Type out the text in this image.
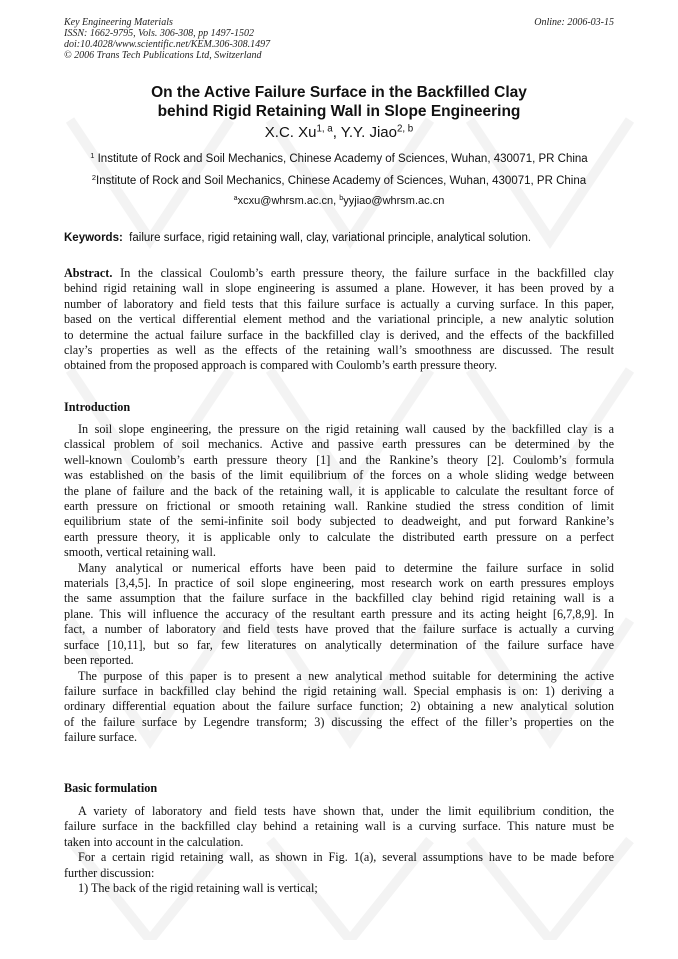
Key Engineering Materials
ISSN: 1662-9795, Vols. 306-308, pp 1497-1502
doi:10.4028/www.scientific.net/KEM.306-308.1497
© 2006 Trans Tech Publications Ltd, Switzerland
Online: 2006-03-15
On the Active Failure Surface in the Backfilled Clay
behind Rigid Retaining Wall in Slope Engineering
X.C. Xu$^{1, a}$, Y.Y. Jiao$^{2, b}$
$^1$ Institute of Rock and Soil Mechanics, Chinese Academy of Sciences, Wuhan, 430071, PR China
$^2$Institute of Rock and Soil Mechanics, Chinese Academy of Sciences, Wuhan, 430071, PR China
$^a$xcxu@whrsm.ac.cn, $^b$yyjiao@whrsm.ac.cn
Keywords:  failure surface, rigid retaining wall, clay, variational principle, analytical solution.
Abstract. In the classical Coulomb’s earth pressure theory, the failure surface in the backfilled clay
behind rigid retaining wall in slope engineering is assumed a plane. However, it has been proved by a
number of laboratory and field tests that this failure surface is actually a curving surface. In this paper,
based on the vertical differential element method and the variational principle, a new analytic solution
to determine the actual failure surface in the backfilled clay is derived, and the effects of the backfilled
clay’s properties as well as the effects of the retaining wall’s smoothness are discussed. The result
obtained from the proposed approach is compared with Coulomb’s earth pressure theory.
Introduction
In soil slope engineering, the pressure on the rigid retaining wall caused by the backfilled clay is a
classical problem of soil mechanics. Active and passive earth pressures can be determined by the
well-known Coulomb’s earth pressure theory [1] and the Rankine’s theory [2]. Coulomb’s formula
was established on the basis of the limit equilibrium of the forces on a whole sliding wedge between
the plane of failure and the back of the retaining wall, it is applicable to calculate the resultant force of
earth pressure on frictional or smooth retaining wall. Rankine studied the stress condition of limit
equilibrium state of the semi-infinite soil body subjected to deadweight, and put forward Rankine’s
earth pressure theory, it is applicable only to calculate the distributed earth pressure on a perfect
smooth, vertical retaining wall.
Many analytical or numerical efforts have been paid to determine the failure surface in solid
materials [3,4,5]. In practice of soil slope engineering, most research work on earth pressures employs
the same assumption that the failure surface in the backfilled clay behind rigid retaining wall is a
plane. This will influence the accuracy of the resultant earth pressure and its acting height [6,7,8,9]. In
fact, a number of laboratory and field tests have proved that the failure surface is actually a curving
surface [10,11], but so far, few literatures on analytically determination of the failure surface have
been reported.
The purpose of this paper is to present a new analytical method suitable for determining the active
failure surface in backfilled clay behind the rigid retaining wall. Special emphasis is on: 1) deriving a
ordinary differential equation about the failure surface function; 2) obtaining a new analytical solution
of the failure surface by Legendre transform; 3) discussing the effect of the filler’s properties on the
failure surface.
Basic formulation
A variety of laboratory and field tests have shown that, under the limit equilibrium condition, the
failure surface in the backfilled clay behind a retaining wall is a curving surface. This nature must be
taken into account in the calculation.
For a certain rigid retaining wall, as shown in Fig. 1(a), several assumptions have to be made before
further discussion:
1) The back of the rigid retaining wall is vertical;
